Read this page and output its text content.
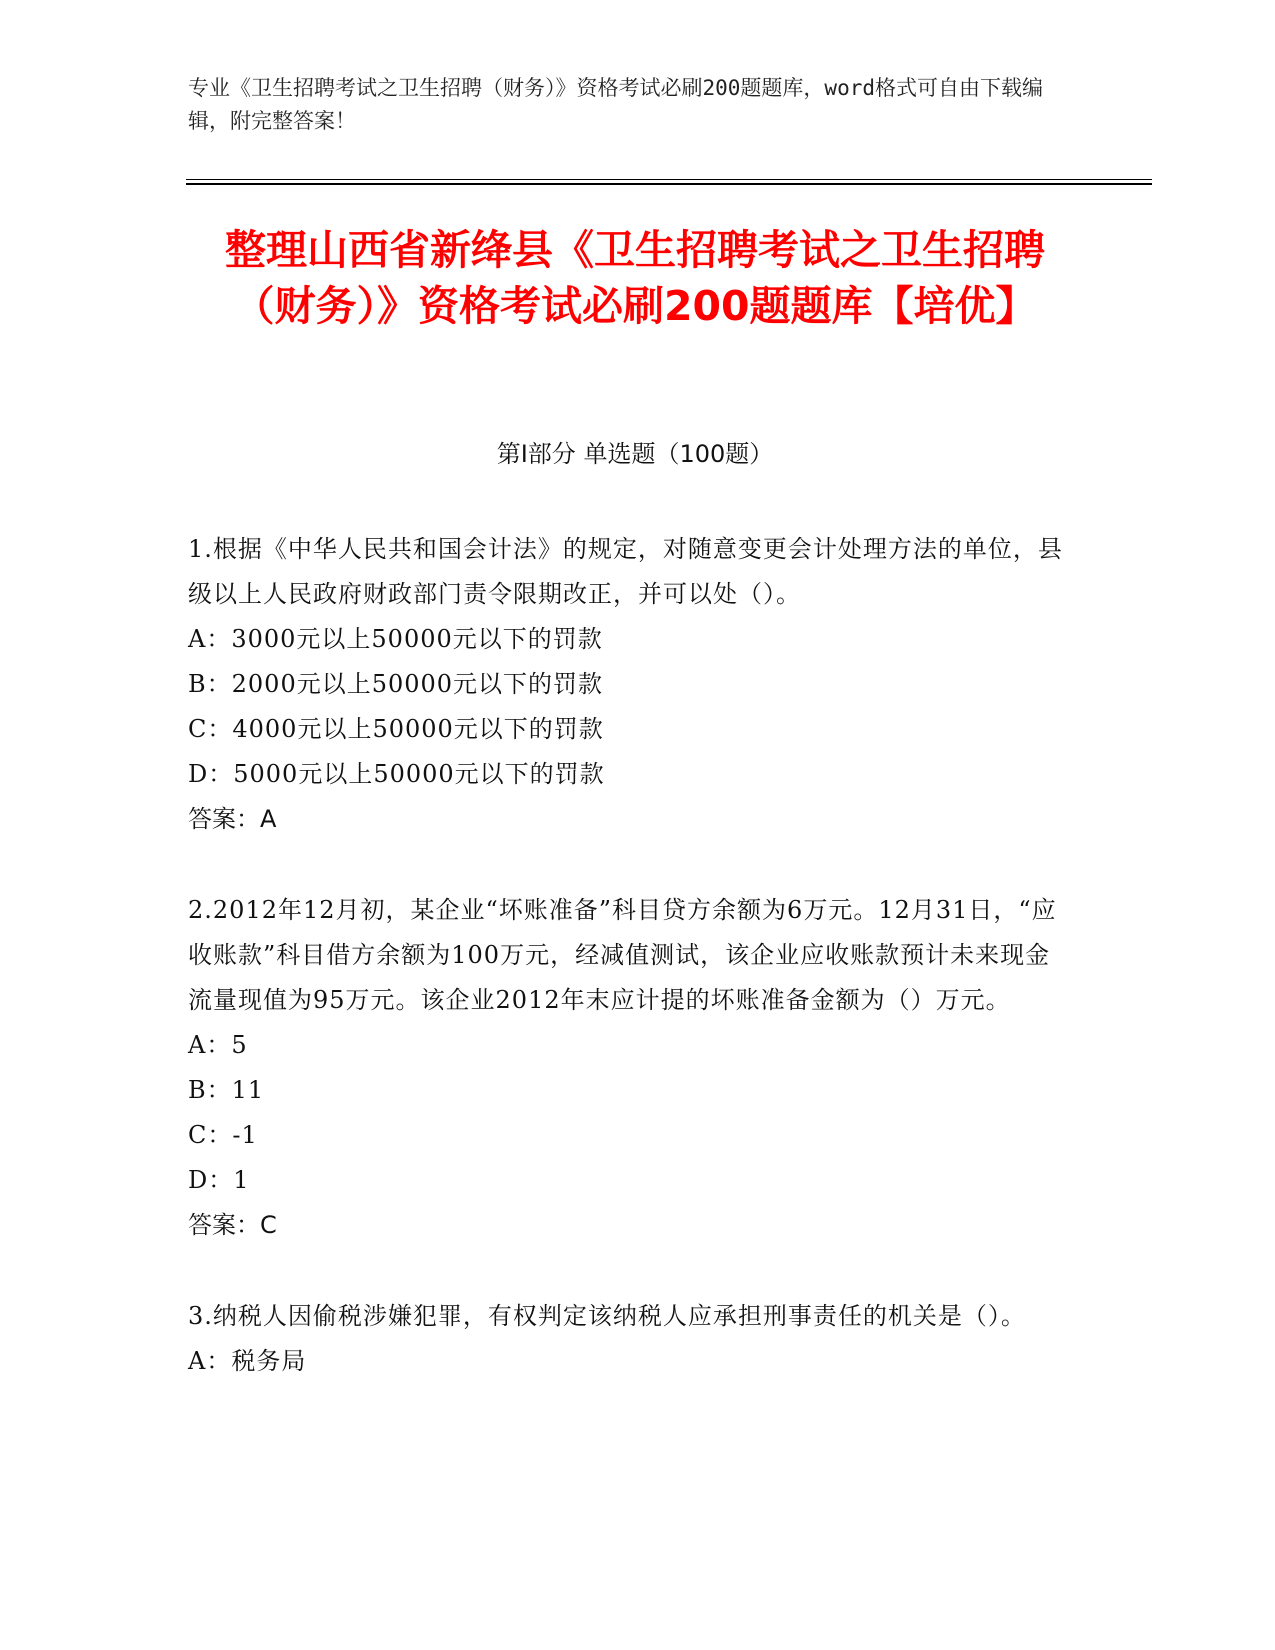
专业《卫生招聘考试之卫生招聘（财务）》资格考试必刷200题题库，word格式可自由下载编辑，附完整答案！
整理山西省新绛县《卫生招聘考试之卫生招聘（财务）》资格考试必刷200题题库【培优】
第I部分 单选题（100题）

1.根据《中华人民共和国会计法》的规定，对随意变更会计处理方法的单位，县级以上人民政府财政部门责令限期改正，并可以处（）。

A：3000元以上50000元以下的罚款

B：2000元以上50000元以下的罚款

C：4000元以上50000元以下的罚款

D：5000元以上50000元以下的罚款

答案：A

2.2012年12月初，某企业“坏账准备”科目贷方余额为6万元。12月31日，“应收账款”科目借方余额为100万元，经减值测试，该企业应收账款预计未来现金流量现值为95万元。该企业2012年末应计提的坏账准备金额为（）万元。

A：5

B：11

C：-1

D：1

答案：C

3.纳税人因偷税涉嫌犯罪，有权判定该纳税人应承担刑事责任的机关是（）。

A：税务局
